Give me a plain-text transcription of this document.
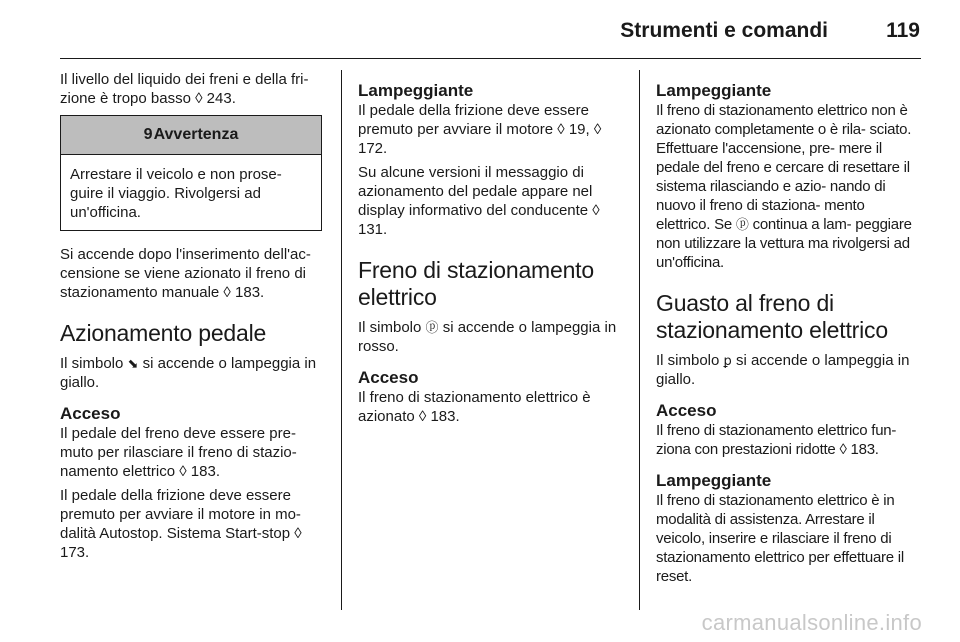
Strumenti e comandi	119

Il livello del liquido dei freni e della fri- zione è tropo basso ◊ 243.

9Avvertenza

Arrestare il veicolo e non prose- guire il viaggio. Rivolgersi ad un'officina.

Si accende dopo l'inserimento dell'ac- censione se viene azionato il freno di stazionamento manuale ◊ 183.

Azionamento pedale

Il simbolo ⬊ si accende o lampeggia in giallo.

Acceso

Il pedale del freno deve essere pre- muto per rilasciare il freno di stazio- namento elettrico ◊ 183.

Il pedale della frizione deve essere premuto per avviare il motore in mo- dalità Autostop. Sistema Start-stop ◊ 173.

Lampeggiante

Il pedale della frizione deve essere premuto per avviare il motore ◊ 19, ◊ 172.

Su alcune versioni il messaggio di azionamento del pedale appare nel display informativo del conducente ◊ 131.

Freno di stazionamento elettrico

Il simbolo ⓟ si accende o lampeggia in rosso.

Acceso

Il freno di stazionamento elettrico è azionato ◊ 183.

Lampeggiante

Il freno di stazionamento elettrico non è azionato completamente o è rila- sciato. Effettuare l'accensione, pre- mere il pedale del freno e cercare di resettare il sistema rilasciando e azio- nando di nuovo il freno di staziona- mento elettrico. Se ⓟ continua a lam- peggiare non utilizzare la vettura ma rivolgersi ad un'officina.

Guasto al freno di stazionamento elettrico

Il simbolo ꝑ si accende o lampeggia in giallo.

Acceso

Il freno di stazionamento elettrico fun- ziona con prestazioni ridotte ◊ 183.

Lampeggiante

Il freno di stazionamento elettrico è in modalità di assistenza. Arrestare il veicolo, inserire e rilasciare il freno di stazionamento elettrico per effettuare il reset.

carmanualsonline.info
